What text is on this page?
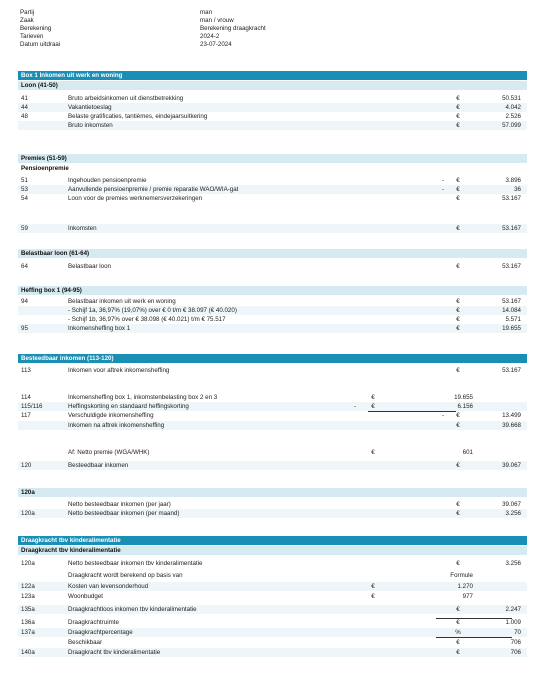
Partij	man
Zaak	man / vrouw
Berekening	Berekening draagkracht
Tarieven	2024-2
Datum uitdraai	23-07-2024
Box 1 Inkomen uit werk en woning
Loon (41-50)
41	Bruto arbeidsinkomen uit dienstbetrekking	€	50.531
44	Vakantietoeslag	€	4.042
48	Belaste gratificaties, tantièmes, eindejaarsuitkering	€	2.526
Bruto inkomsten	€	57.099
Premies (51-59)
Pensioenpremie
51	Ingehouden pensioenpremie	-	€	3.896
53	Aanvullende pensioenpremie / premie reparatie WAO/WIA-gat	-	€	36
54	Loon voor de premies werknemersverzekeringen	€	53.167
59	Inkomsten	€	53.167
Belastbaar loon (61-64)
64	Belastbaar loon	€	53.167
Heffing box 1 (94-95)
94	Belastbaar inkomen uit werk en woning	€	53.167
- Schijf 1a, 36,97% (19,07%) over € 0 t/m € 38.097 (€ 40.020)	€	14.084
- Schijf 1b, 36,97% over € 38.098 (€ 40.021) t/m € 75.517	€	5.571
95	Inkomensheffing box 1	€	19.655
Besteedbaar inkomen (113-120)
113	Inkomen voor aftrek inkomensheffing	€	53.167
114	Inkomensheffing box 1, inkomstenbelasting box 2 en 3	€	19.655
115/116	Heffingskorting en standaard heffingskorting	-	€	6.156
117	Verschuldigde inkomensheffing	-	€	13.499
Inkomen na aftrek inkomensheffing	€	39.668
Af: Netto premie (WGA/WHK)	€	601
120	Besteedbaar inkomen	€	39.067
120a
Netto besteedbaar inkomen (per jaar)	€	39.067
120a	Netto besteedbaar inkomen (per maand)	€	3.256
Draagkracht tbv kinderalimentatie
Draagkracht tbv kinderalimentatie
120a	Netto besteedbaar inkomen tbv kinderalimentatie	€	3.256
Draagkracht wordt berekend op basis van	Formule
122a	Kosten van levensonderhoud	€	1.270
123a	Woonbudget	€	977
135a	Draagkrachtloos inkomen tbv kinderalimentatie	€	2.247
136a	Draagkrachtruimte	€	1.009
137a	Draagkrachtpercentage	%	70
Beschikbaar	€	706
140a	Draagkracht tbv kinderalimentatie	€	706
